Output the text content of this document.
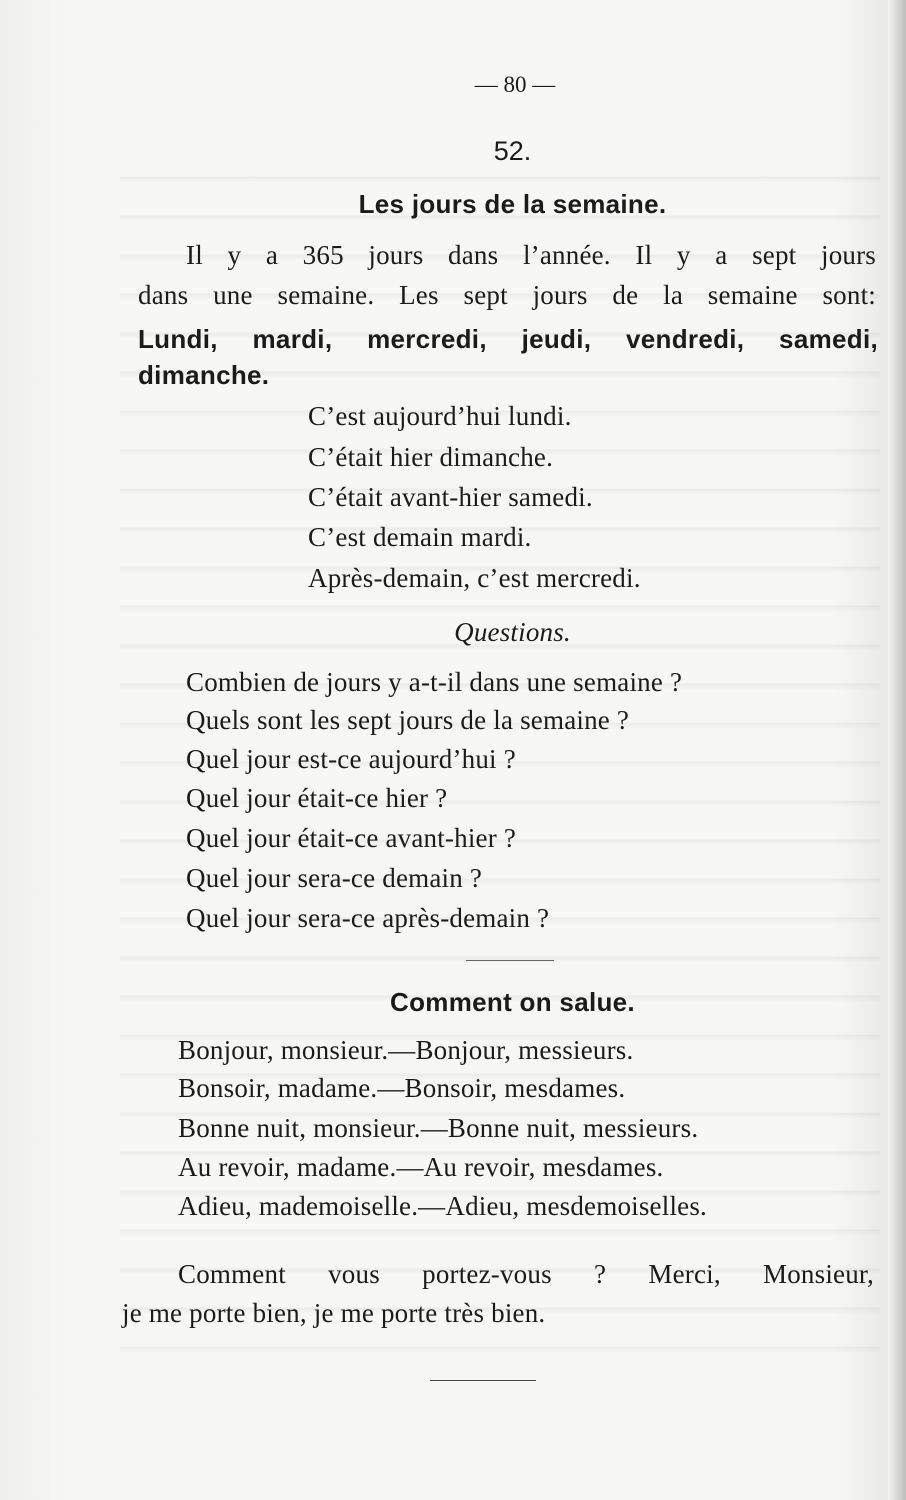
— 80 —
52.
Les jours de la semaine.
Il y a 365 jours dans l’année. Il y a sept jours
dans une semaine. Les sept jours de la semaine sont:
Lundi, mardi, mercredi, jeudi, vendredi, samedi,
dimanche.
C’est aujourd’hui lundi.
C’était hier dimanche.
C’était avant-hier samedi.
C’est demain mardi.
Après-demain, c’est mercredi.
Questions.
Combien de jours y a-t-il dans une semaine ?
Quels sont les sept jours de la semaine ?
Quel jour est-ce aujourd’hui ?
Quel jour était-ce hier ?
Quel jour était-ce avant-hier ?
Quel jour sera-ce demain ?
Quel jour sera-ce après-demain ?
Comment on salue.
Bonjour, monsieur.—Bonjour, messieurs.
Bonsoir, madame.—Bonsoir, mesdames.
Bonne nuit, monsieur.—Bonne nuit, messieurs.
Au revoir, madame.—Au revoir, mesdames.
Adieu, mademoiselle.—Adieu, mesdemoiselles.
Comment vous portez-vous ? Merci, Monsieur,
je me porte bien, je me porte très bien.
